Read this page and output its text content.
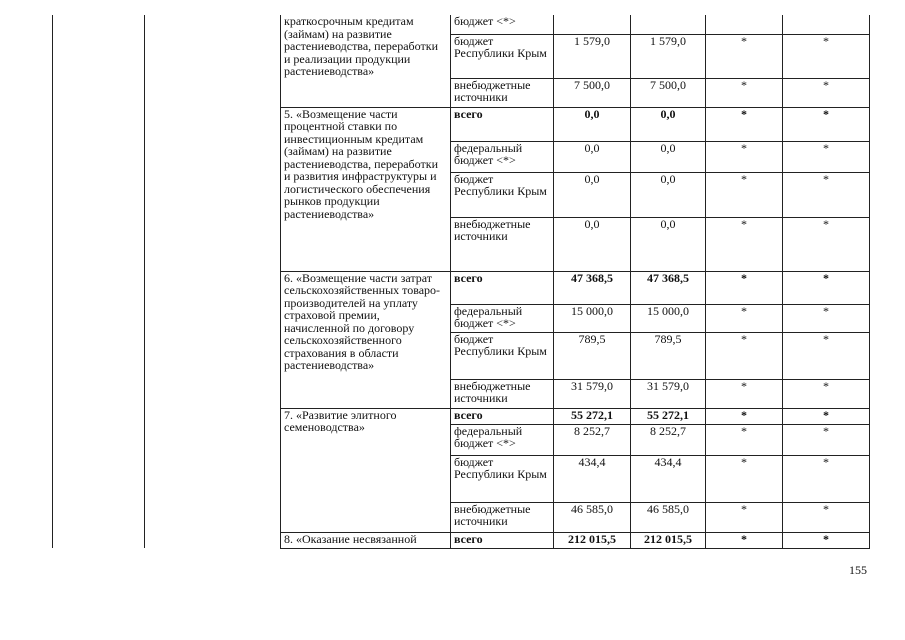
		краткосрочным кредитам (займам) на развитие растениеводства, переработки и реализации продукции растениеводства»	бюджет <*>				
			бюджет Республики Крым	1 579,0	1 579,0	*	*
			внебюджетные источники	7 500,0	7 500,0	*	*
		5. «Возмещение части процентной ставки по инвестиционным кредитам (займам) на развитие растениеводства, переработки и развития инфраструктуры и логистического обеспечения рынков продукции растениеводства»	всего	0,0	0,0	*	*
			федеральный бюджет <*>	0,0	0,0	*	*
			бюджет Республики Крым	0,0	0,0	*	*
			внебюджетные источники	0,0	0,0	*	*
		6. «Возмещение части затрат сельскохозяйственных товаро-производителей на уплату страховой премии, начисленной по договору сельскохозяйственного страхования в области растениеводства»	всего	47 368,5	47 368,5	*	*
			федеральный бюджет <*>	15 000,0	15 000,0	*	*
			бюджет Республики Крым	789,5	789,5	*	*
			внебюджетные источники	31 579,0	31 579,0	*	*
		7. «Развитие элитного семеноводства»	всего	55 272,1	55 272,1	*	*
			федеральный бюджет <*>	8 252,7	8 252,7	*	*
			бюджет Республики Крым	434,4	434,4	*	*
			внебюджетные источники	46 585,0	46 585,0	*	*
		8. «Оказание несвязанной	всего	212 015,5	212 015,5	*	*
155
